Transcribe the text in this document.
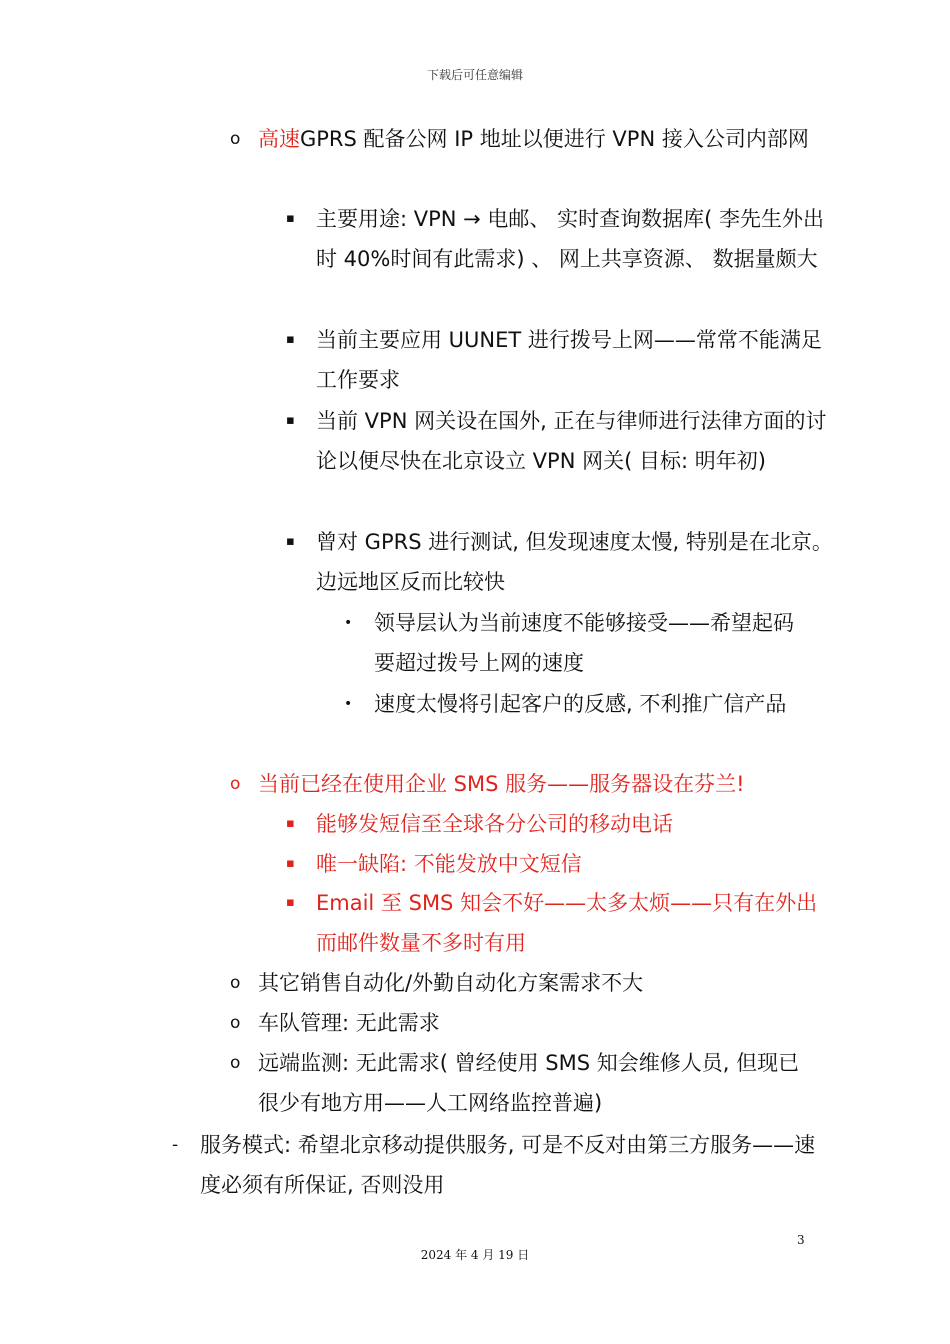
下载后可任意编辑
o 高速GPRS 配备公网 IP 地址以便进行 VPN 接入公司内部网
▪ 主要用途: VPN → 电邮、 实时查询数据库( 李先生外出时 40%时间有此需求) 、 网上共享资源、 数据量颇大
▪ 当前主要应用 UUNET 进行拨号上网——常常不能满足工作要求
▪ 当前 VPN 网关设在国外, 正在与律师进行法律方面的讨论以便尽快在北京设立 VPN 网关( 目标: 明年初)
▪ 曾对 GPRS 进行测试, 但发现速度太慢, 特别是在北京。边远地区反而比较快
• 领导层认为当前速度不能够接受——希望起码要超过拨号上网的速度
• 速度太慢将引起客户的反感, 不利推广信产品
o 当前已经在使用企业 SMS 服务——服务器设在芬兰!
▪ 能够发短信至全球各分公司的移动电话
▪ 唯一缺陷: 不能发放中文短信
▪ Email 至 SMS 知会不好——太多太烦——只有在外出而邮件数量不多时有用
o 其它销售自动化/外勤自动化方案需求不大
o 车队管理: 无此需求
o 远端监测: 无此需求( 曾经使用 SMS 知会维修人员, 但现已很少有地方用——人工网络监控普遍)
- 服务模式: 希望北京移动提供服务, 可是不反对由第三方服务——速度必须有所保证, 否则没用
3
2024 年 4 月 19 日
